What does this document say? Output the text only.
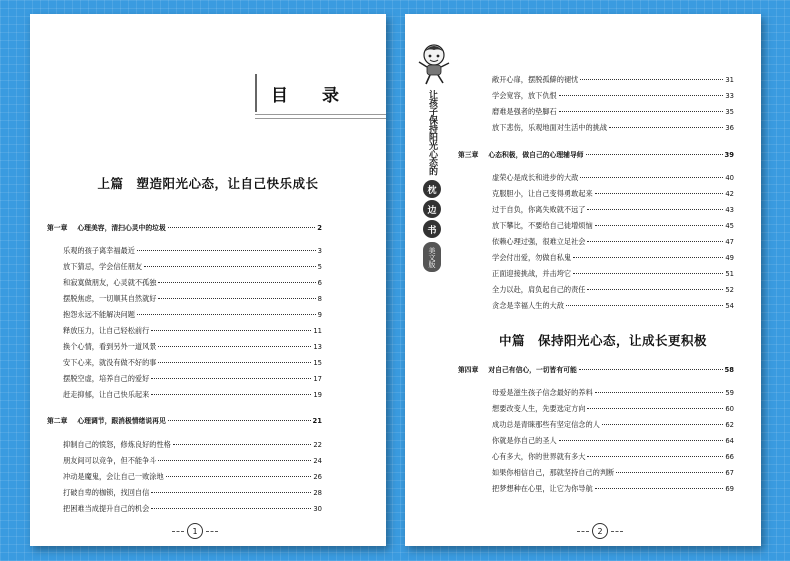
目 录
上篇　塑造阳光心态，让自己快乐成长
第一章 心理美容，清扫心灵中的垃圾	2
乐观的孩子离幸福最近	3
放下猜忌，学会信任朋友	5
和寂寞做朋友，心灵就不孤独	6
摆脱焦虑，一切顺其自然就好	8
抱怨永远不能解决问题	9
释放压力，让自己轻松前行	11
换个心情，看到另外一道风景	13
安下心来，就没有做不好的事	15
摆脱空虚，培养自己的爱好	17
赶走抑郁，让自己快乐起来	19
第二章 心理调节，跟消极情绪说再见	21
抑制自己的愤怒，修炼良好的性格	22
朋友间可以竞争，但不能争斗	24
冲动是魔鬼，会让自己一败涂地	26
打破自卑的枷锁，找回自信	28
把困难当成提升自己的机会	30
1
让孩子保持阳光心态的
枕
边
书
美文版
敞开心扉，摆脱孤僻的褪忧	31
学会宽容，放下仇恨	33
磨难是强者的垫脚石	35
放下悲伤，乐观地面对生活中的挑战	36
第三章 心态积极，做自己的心理辅导师	39
虚荣心是成长和进步的大敌	40
克服胆小，让自己变得勇敢起来	42
过于自负，你离失败就不远了	43
放下攀比，不要给自己徒增烦恼	45
依赖心理过强，很难立足社会	47
学会付出爱，勿做自私鬼	49
正面迎接挑战，并击垮它	51
全力以赴，肩负起自己的责任	52
贪念是幸福人生的大敌	54
中篇　保持阳光心态，让成长更积极
第四章 对自己有信心，一切皆有可能	58
母爱是滋生孩子信念最好的养料	59
想要改变人生，先要选定方向	60
成功总是青睐那些有坚定信念的人	62
你就是你自己的圣人	64
心有多大，你的世界就有多大	66
如果你相信自己，那就坚持自己的判断	67
把梦想种在心里，让它为你导航	69
2
